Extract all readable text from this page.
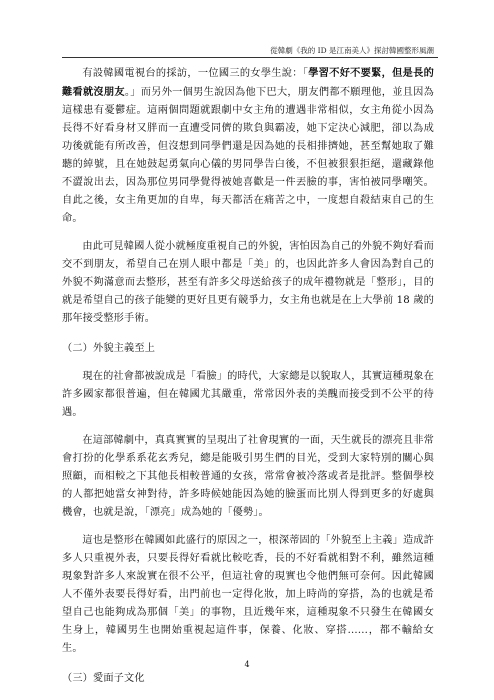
從韓劇《我的 ID 是江南美人》探討韓國整形風潮

有設韓國電視台的採訪，一位國三的女學生說：「學習不好不要緊，但是長的難看就沒朋友。」而另外一個男生說因為他下巴大，朋友們都不願理他，並且因為這樣患有憂鬱症。這兩個問題就跟劇中女主角的遭遇非常相似，女主角從小因為長得不好看身材又胖而一直遭受同儕的欺負與霸凌，她下定決心減肥，卻以為成功後就能有所改善，但沒想到同學們還是因為她的長相排擠她，甚至幫她取了難聽的綽號，且在她鼓起勇氣向心儀的男同學告白後，不但被狠狠拒絕，還藏錄他不澀說出去，因為那位男同學覺得被她喜歡是一件丟臉的事，害怕被同學嘲笑。自此之後，女主角更加的自卑，每天都活在痛苦之中，一度想自殺結束自己的生命。

由此可見韓國人從小就極度重視自己的外貌，害怕因為自己的外貌不夠好看而交不到朋友，希望自己在別人眼中都是「美」的，也因此許多人會因為對自己的外貌不夠滿意而去整形，甚至有許多父母送給孩子的成年禮物就是「整形」，目的就是希望自己的孩子能變的更好且更有競爭力，女主角也就是在上大學前 18 歲的那年接受整形手術。

（二）外貌主義至上

現在的社會都被說成是「看臉」的時代，大家總是以貌取人，其實這種現象在許多國家都很普遍，但在韓國尤其嚴重，常常因外表的美醜而接受到不公平的待遇。

在這部韓劇中，真真實實的呈現出了社會現實的一面，天生就長的漂亮且非常會打扮的化學系系花玄秀兒，總是能吸引男生們的目光，受到大家特別的關心與照顧，而相較之下其他長相較普通的女孩，常常會被冷落或者是批評。整個學校的人都把她當女神對待，許多時候她能因為她的臉蛋而比別人得到更多的好處與機會，也就是說，「漂亮」成為她的「優勢」。

這也是整形在韓國如此盛行的原因之一，根深蒂固的「外貌至上主義」造成許多人只重視外表，只要長得好看就比較吃香，長的不好看就相對不利，雖然這種現象對許多人來說實在很不公平，但這社會的現實也令他們無可奈何。因此韓國人不僅外表要長得好看，出門前也一定得化妝，加上時尚的穿搭，為的也就是希望自己也能夠成為那個「美」的事物，且近幾年來，這種現象不只發生在韓國女生身上，韓國男生也開始重視起這件事，保養、化妝、穿搭……，都不輸給女生。

（三）愛面子文化
4
